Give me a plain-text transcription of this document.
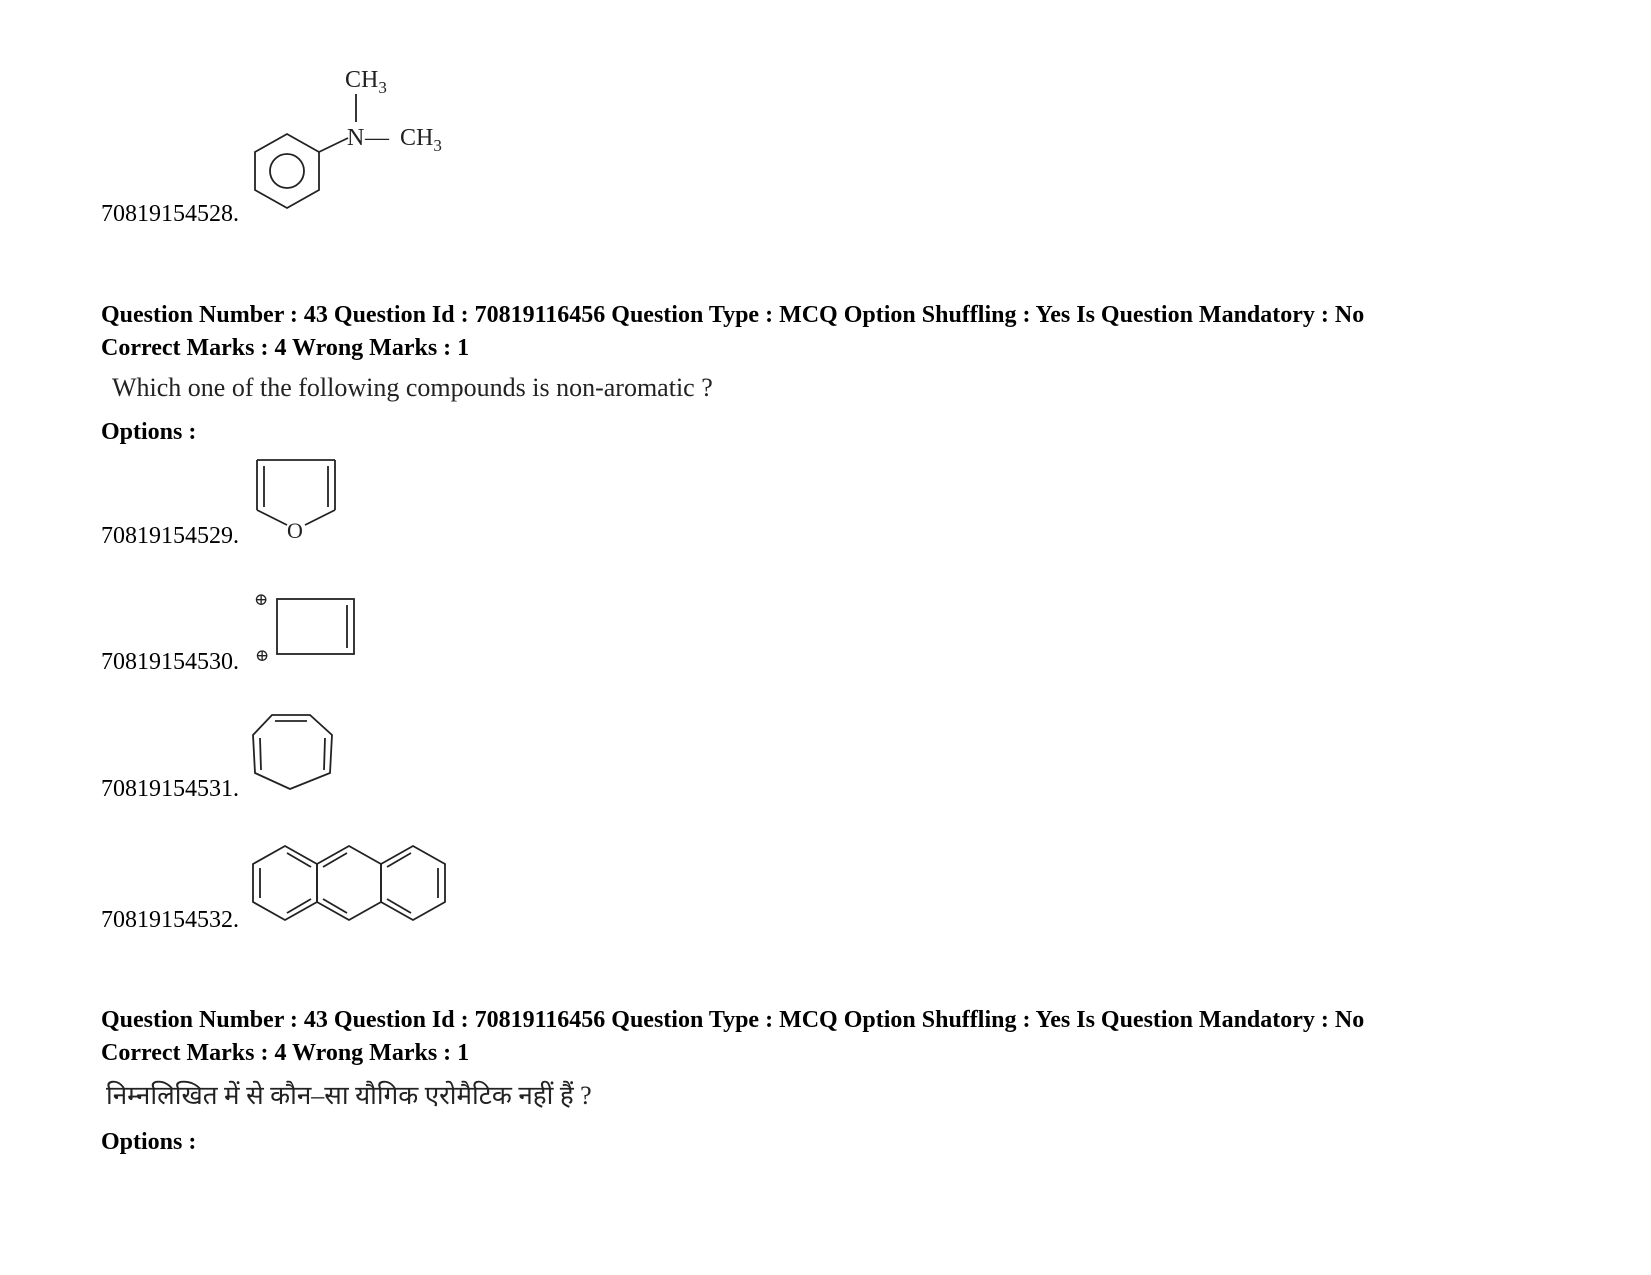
70819154528.
$CH_3$
N — $CH_3$
Question Number : 43 Question Id : 70819116456 Question Type : MCQ Option Shuffling : Yes Is Question Mandatory : No
Correct Marks : 4 Wrong Marks : 1
Which one of the following compounds is non-aromatic ?
Options :
70819154529. O
70819154530.
⊕
⊕
70819154531.
70819154532.
Question Number : 43 Question Id : 70819116456 Question Type : MCQ Option Shuffling : Yes Is Question Mandatory : No
Correct Marks : 4 Wrong Marks : 1
निम्नलिखित में से कौन–सा यौगिक एरोमैटिक नहीं हैं ?
Options :
